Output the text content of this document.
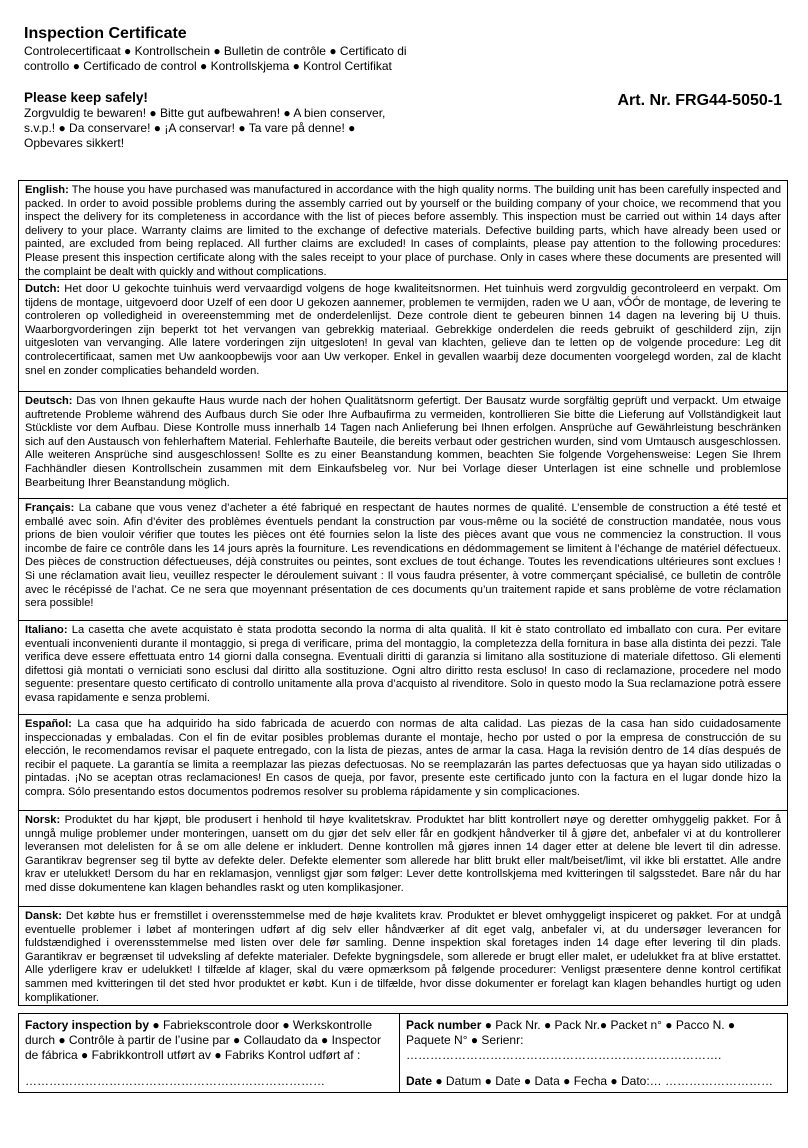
Inspection Certificate
Controlecertificaat ● Kontrollschein ● Bulletin de contrôle ● Certificato di controllo ● Certificado de control ● Kontrollskjema ● Kontrol Certifikat
Please keep safely!
Zorgvuldig te bewaren! ● Bitte gut aufbewahren! ● A bien conserver, s.v.p.! ● Da conservare! ● ¡A conservar! ● Ta vare på denne! ● Opbevares sikkert!
Art. Nr. FRG44-5050-1
English: The house you have purchased was manufactured in accordance with the high quality norms. The building unit has been carefully inspected and packed. In order to avoid possible problems during the assembly carried out by yourself or the building company of your choice, we recommend that you inspect the delivery for its completeness in accordance with the list of pieces before assembly. This inspection must be carried out within 14 days after delivery to your place. Warranty claims are limited to the exchange of defective materials. Defective building parts, which have already been used or painted, are excluded from being replaced. All further claims are excluded! In cases of complaints, please pay attention to the following procedures: Please present this inspection certificate along with the sales receipt to your place of purchase. Only in cases where these documents are presented will the complaint be dealt with quickly and without complications.
Dutch: Het door U gekochte tuinhuis werd vervaardigd volgens de hoge kwaliteitsnormen. Het tuinhuis werd zorgvuldig gecontroleerd en verpakt. Om tijdens de montage, uitgevoerd door Uzelf of een door U gekozen aannemer, problemen te vermijden, raden we U aan, vÓÓr de montage, de levering te controleren op volledigheid in overeenstemming met de onderdelenlijst. Deze controle dient te gebeuren binnen 14 dagen na levering bij U thuis. Waarborgvorderingen zijn beperkt tot het vervangen van gebrekkig materiaal. Gebrekkige onderdelen die reeds gebruikt of geschilderd zijn, zijn uitgesloten van vervanging. Alle latere vorderingen zijn uitgesloten! In geval van klachten, gelieve dan te letten op de volgende procedure: Leg dit controlecertificaat, samen met Uw aankoopbewijs voor aan Uw verkoper. Enkel in gevallen waarbij deze documenten voorgelegd worden, zal de klacht snel en zonder complicaties behandeld worden.
Deutsch: Das von Ihnen gekaufte Haus wurde nach der hohen Qualitätsnorm gefertigt. Der Bausatz wurde sorgfältig geprüft und verpackt. Um etwaige auftretende Probleme während des Aufbaus durch Sie oder Ihre Aufbaufirma zu vermeiden, kontrollieren Sie bitte die Lieferung auf Vollständigkeit laut Stückliste vor dem Aufbau. Diese Kontrolle muss innerhalb 14 Tagen nach Anlieferung bei Ihnen erfolgen. Ansprüche auf Gewährleistung beschränken sich auf den Austausch von fehlerhaftem Material. Fehlerhafte Bauteile, die bereits verbaut oder gestrichen wurden, sind vom Umtausch ausgeschlossen. Alle weiteren Ansprüche sind ausgeschlossen! Sollte es zu einer Beanstandung kommen, beachten Sie folgende Vorgehensweise: Legen Sie Ihrem Fachhändler diesen Kontrollschein zusammen mit dem Einkaufsbeleg vor. Nur bei Vorlage dieser Unterlagen ist eine schnelle und problemlose Bearbeitung Ihrer Beanstandung möglich.
Français: La cabane que vous venez d’acheter a été fabriqué en respectant de hautes normes de qualité. L’ensemble de construction a été testé et emballé avec soin. Afin d’éviter des problèmes éventuels pendant la construction par vous-même ou la société de construction mandatée, nous vous prions de bien vouloir vérifier que toutes les pièces ont été fournies selon la liste des pièces avant que vous ne commenciez la construction. Il vous incombe de faire ce contrôle dans les 14 jours après la fourniture. Les revendications en dédommagement se limitent à l’échange de matériel défectueux. Des pièces de construction défectueuses, déjà construites ou peintes, sont exclues de tout échange. Toutes les revendications ultérieures sont exclues ! Si une réclamation avait lieu, veuillez respecter le déroulement suivant : Il vous faudra présenter, à votre commerçant spécialisé, ce bulletin de contrôle avec le récépissé de l’achat. Ce ne sera que moyennant présentation de ces documents qu’un traitement rapide et sans problème de votre réclamation sera possible!
Italiano: La casetta che avete acquistato è stata prodotta secondo la norma di alta qualità. Il kit è stato controllato ed imballato con cura. Per evitare eventuali inconvenienti durante il montaggio, si prega di verificare, prima del montaggio, la completezza della fornitura in base alla distinta dei pezzi. Tale verifica deve essere effettuata entro 14 giorni dalla consegna. Eventuali diritti di garanzia si limitano alla sostituzione di materiale difettoso. Gli elementi difettosi già montati o verniciati sono esclusi dal diritto alla sostituzione. Ogni altro diritto resta escluso! In caso di reclamazione, procedere nel modo seguente: presentare questo certificato di controllo unitamente alla prova d’acquisto al rivenditore. Solo in questo modo la Sua reclamazione potrà essere evasa rapidamente e senza problemi.
Español: La casa que ha adquirido ha sido fabricada de acuerdo con normas de alta calidad. Las piezas de la casa han sido cuidadosamente inspeccionadas y embaladas. Con el fin de evitar posibles problemas durante el montaje, hecho por usted o por la empresa de construcción de su elección, le recomendamos revisar el paquete entregado, con la lista de piezas, antes de armar la casa. Haga la revisión dentro de 14 días después de recibir el paquete. La garantía se limita a reemplazar las piezas defectuosas. No se reemplazarán las partes defectuosas que ya hayan sido utilizadas o pintadas. ¡No se aceptan otras reclamaciones! En casos de queja, por favor, presente este certificado junto con la factura en el lugar donde hizo la compra. Sólo presentando estos documentos podremos resolver su problema rápidamente y sin complicaciones.
Norsk: Produktet du har kjøpt, ble produsert i henhold til høye kvalitetskrav. Produktet har blitt kontrollert nøye og deretter omhyggelig pakket. For å unngå mulige problemer under monteringen, uansett om du gjør det selv eller får en godkjent håndverker til å gjøre det, anbefaler vi at du kontrollerer leveransen mot delelisten for å se om alle delene er inkludert. Denne kontrollen må gjøres innen 14 dager etter at delene ble levert til din adresse. Garantikrav begrenser seg til bytte av defekte deler. Defekte elementer som allerede har blitt brukt eller malt/beiset/limt, vil ikke bli erstattet. Alle andre krav er utelukket! Dersom du har en reklamasjon, vennligst gjør som følger: Lever dette kontrollskjema med kvitteringen til salgsstedet. Bare når du har med disse dokumentene kan klagen behandles raskt og uten komplikasjoner.
Dansk: Det købte hus er fremstillet i overensstemmelse med de høje kvalitets krav. Produktet er blevet omhyggeligt inspiceret og pakket. For at undgå eventuelle problemer i løbet af monteringen udført af dig selv eller håndværker af dit eget valg, anbefaler vi, at du undersøger leverancen for fuldstændighed i overensstemmelse med listen over dele før samling. Denne inspektion skal foretages inden 14 dage efter levering til din plads. Garantikrav er begrænset til udveksling af defekte materialer. Defekte bygningsdele, som allerede er brugt eller malet, er udelukket fra at blive erstattet. Alle yderligere krav er udelukket! I tilfælde af klager, skal du være opmærksom på følgende procedurer: Venligst præsentere denne kontrol certifikat sammen med kvitteringen til det sted hvor produktet er købt. Kun i de tilfælde, hvor disse dokumenter er forelagt kan klagen behandles hurtigt og uden komplikationer.
Factory inspection by ● Fabriekscontrole door ● Werkskontrolle durch ● Contrôle à partir de l’usine par ● Collaudato da ● Inspector de fábrica ● Fabrikkontroll utført av ● Fabriks Kontrol udført af :
…………………………………………………………………
Pack number ● Pack Nr. ● Pack Nr.● Packet n° ● Pacco N. ● Paquete N° ● Serienr:
…………………………………………………………………….
Date ● Datum ● Date ● Data ● Fecha ● Dato:… ………………………
